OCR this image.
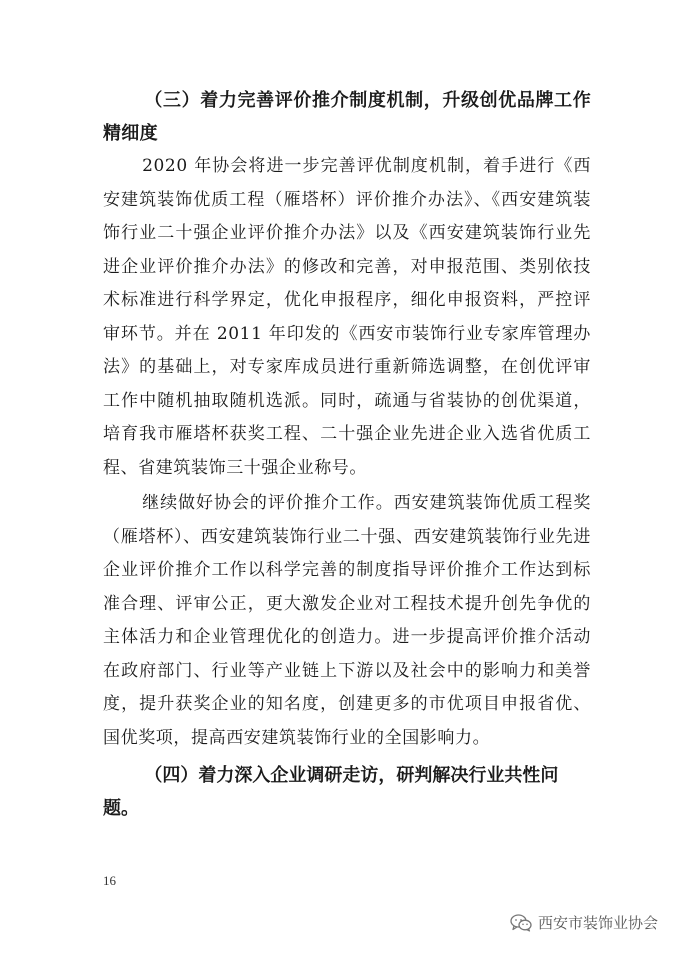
（三）着力完善评价推介制度机制，升级创优品牌工作精细度

2020 年协会将进一步完善评优制度机制，着手进行《西安建筑装饰优质工程（雁塔杯）评价推介办法》、《西安建筑装饰行业二十强企业评价推介办法》以及《西安建筑装饰行业先进企业评价推介办法》的修改和完善，对申报范围、类别依技术标准进行科学界定，优化申报程序，细化申报资料，严控评审环节。并在 2011 年印发的《西安市装饰行业专家库管理办法》的基础上，对专家库成员进行重新筛选调整，在创优评审工作中随机抽取随机选派。同时，疏通与省装协的创优渠道，培育我市雁塔杯获奖工程、二十强企业先进企业入选省优质工程、省建筑装饰三十强企业称号。

继续做好协会的评价推介工作。西安建筑装饰优质工程奖（雁塔杯）、西安建筑装饰行业二十强、西安建筑装饰行业先进企业评价推介工作以科学完善的制度指导评价推介工作达到标准合理、评审公正，更大激发企业对工程技术提升创先争优的主体活力和企业管理优化的创造力。进一步提高评价推介活动在政府部门、行业等产业链上下游以及社会中的影响力和美誉度，提升获奖企业的知名度，创建更多的市优项目申报省优、国优奖项，提高西安建筑装饰行业的全国影响力。

（四）着力深入企业调研走访，研判解决行业共性问题。

16
西安市装饰业协会
